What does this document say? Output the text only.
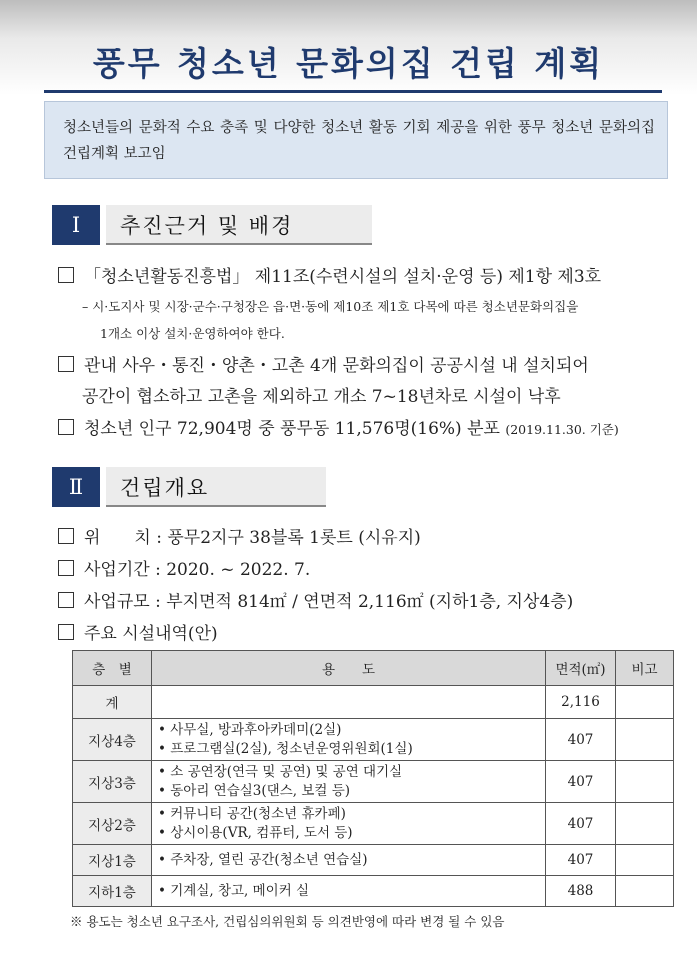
풍무 청소년 문화의집 건립 계획
청소년들의 문화적 수요 충족 및 다양한 청소년 활동 기회 제공을 위한 풍무 청소년 문화의집 건립계획 보고임
Ⅰ	추진근거 및 배경
「청소년활동진흥법」 제11조(수련시설의 설치·운영 등) 제1항 제3호
– 시·도지사 및 시장·군수·구청장은 읍·면·동에 제10조 제1호 다목에 따른 청소년문화의집을
1개소 이상 설치·운영하여야 한다.
관내 사우・통진・양촌・고촌 4개 문화의집이 공공시설 내 설치되어
공간이 협소하고 고촌을 제외하고 개소 7~18년차로 시설이 낙후
청소년 인구 72,904명 중 풍무동 11,576명(16%) 분포 (2019.11.30. 기준)
Ⅱ	건립개요
위　　치 : 풍무2지구 38블록 1롯트 (시유지)
사업기간 : 2020. ~ 2022. 7.
사업규모 : 부지면적 814㎡ / 연면적 2,116㎡ (지하1층, 지상4층)
주요 시설내역(안)
층　별	용　　도	면적(㎡)	비고
계		2,116	
지상4층	• 사무실, 방과후아카데미(2실)
• 프로그램실(2실), 청소년운영위원회(1실)	407	
지상3층	• 소 공연장(연극 및 공연) 및 공연 대기실
• 동아리 연습실3(댄스, 보컬 등)	407	
지상2층	• 커뮤니티 공간(청소년 휴카페)
• 상시이용(VR, 컴퓨터, 도서 등)	407	
지상1층	• 주차장, 열린 공간(청소년 연습실)	407	
지하1층	• 기계실, 창고, 메이커 실	488	
※ 용도는 청소년 요구조사, 건립심의위원회 등 의견반영에 따라 변경 될 수 있음
